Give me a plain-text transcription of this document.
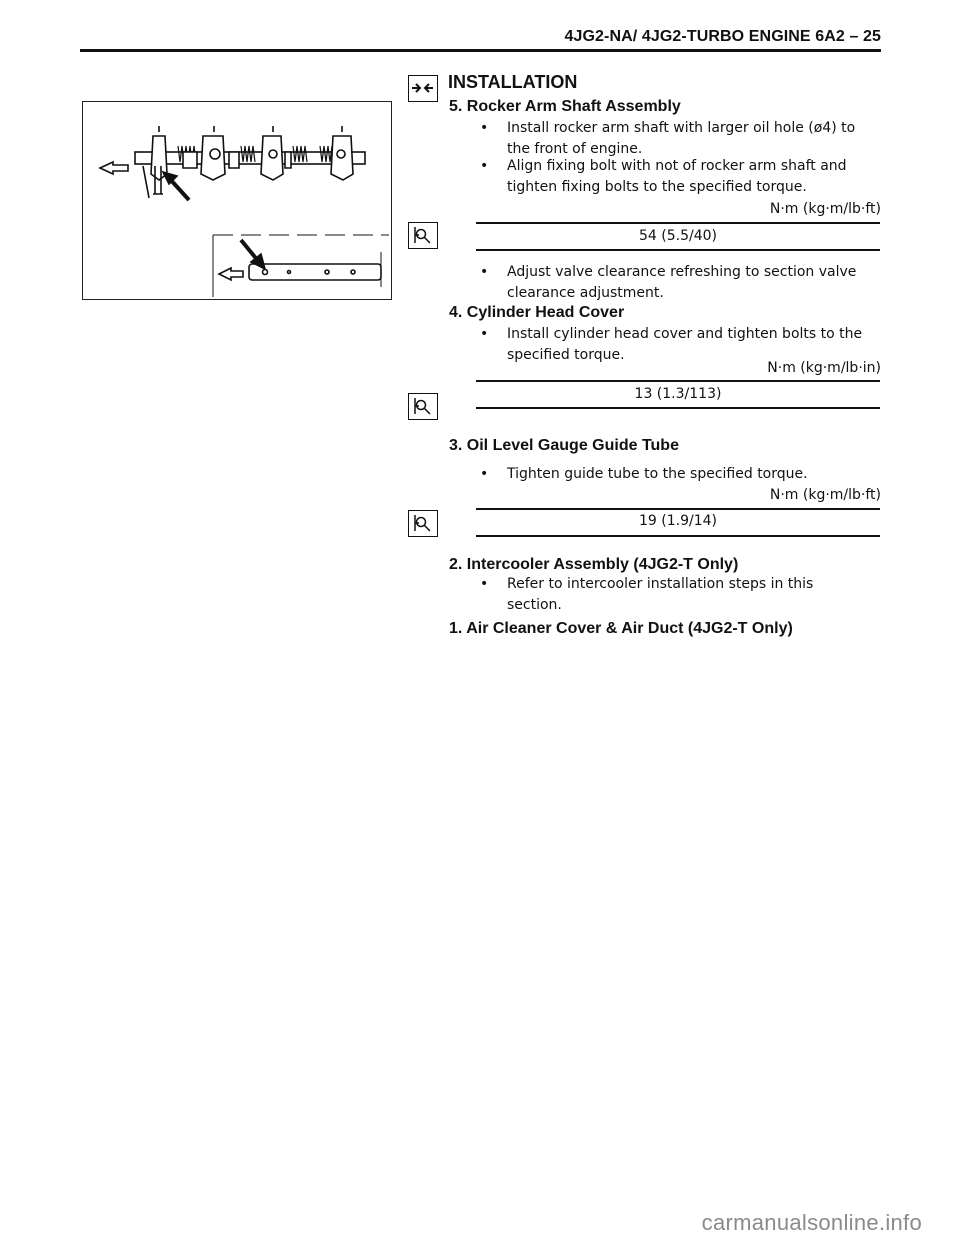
4JG2-NA/ 4JG2-TURBO ENGINE 6A2 – 25
INSTALLATION
5. Rocker Arm Shaft Assembly
• Install rocker arm shaft with larger oil hole (ø4) to the front of engine.
• Align fixing bolt with not of rocker arm shaft and tighten fixing bolts to the specified torque.
N·m (kg·m/lb·ft)
54 (5.5/40)
• Adjust valve clearance refreshing to section valve clearance adjustment.
4. Cylinder Head Cover
• Install cylinder head cover and tighten bolts to the specified torque.
N·m (kg·m/lb·in)
13 (1.3/113)
3. Oil Level Gauge Guide Tube
• Tighten guide tube to the specified torque.
N·m (kg·m/lb·ft)
19 (1.9/14)
2. Intercooler Assembly (4JG2-T Only)
• Refer to intercooler installation steps in this section.
1. Air Cleaner Cover & Air Duct (4JG2-T Only)
carmanualsonline.info
